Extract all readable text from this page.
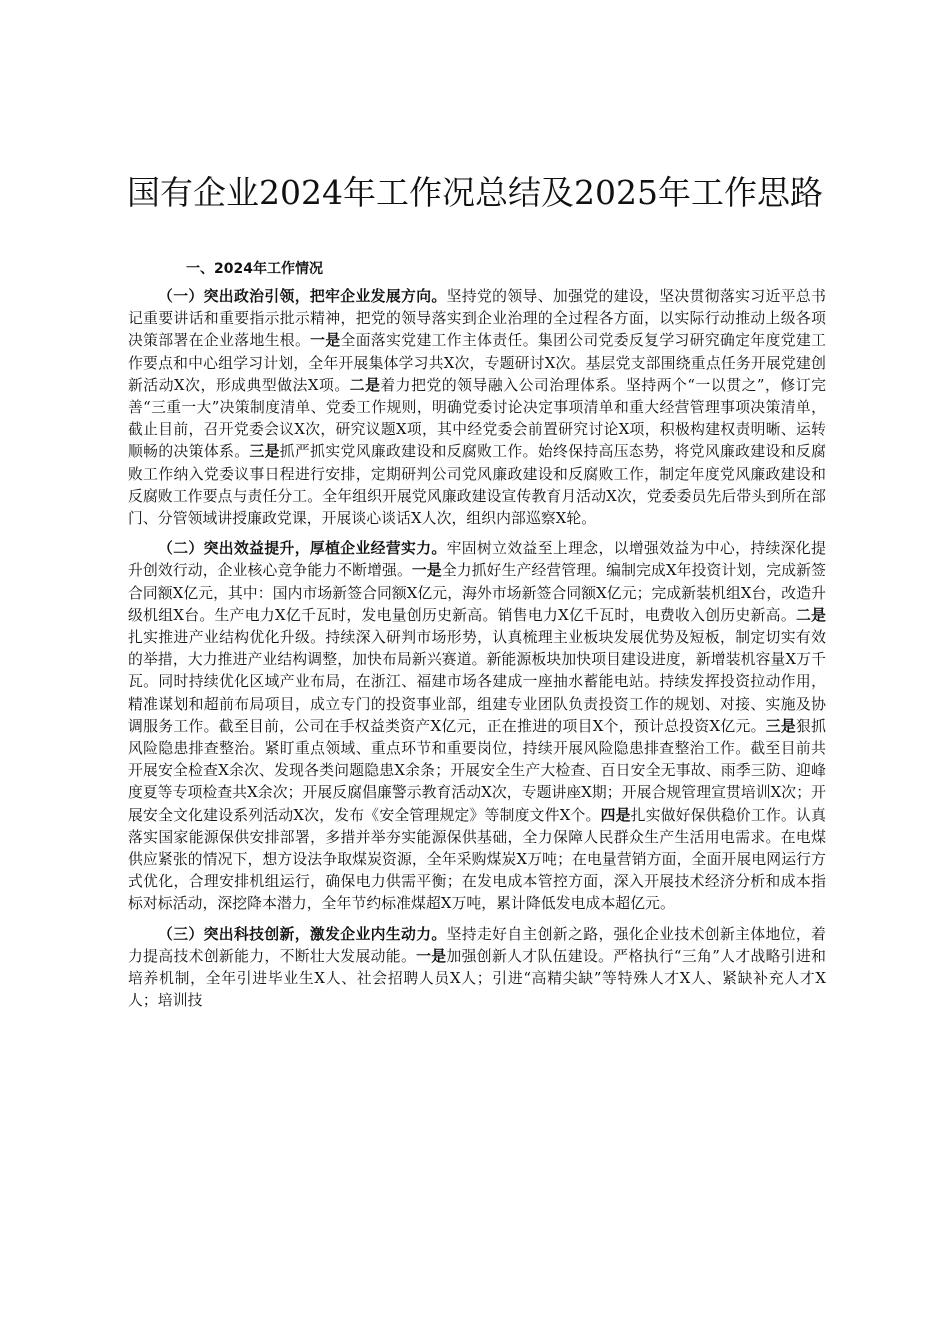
国有企业2024年工作况总结及2025年工作思路
一、2024年工作情况

（一）突出政治引领，把牢企业发展方向。坚持党的领导、加强党的建设，坚决贯彻落实习近平总书记重要讲话和重要指示批示精神，把党的领导落实到企业治理的全过程各方面，以实际行动推动上级各项决策部署在企业落地生根。一是全面落实党建工作主体责任。集团公司党委反复学习研究确定年度党建工作要点和中心组学习计划，全年开展集体学习共X次，专题研讨X次。基层党支部围绕重点任务开展党建创新活动X次，形成典型做法X项。二是着力把党的领导融入公司治理体系。坚持两个“一以贯之”，修订完善“三重一大”决策制度清单、党委工作规则，明确党委讨论决定事项清单和重大经营管理事项决策清单，截止目前，召开党委会议X次，研究议题X项，其中经党委会前置研究讨论X项，积极构建权责明晰、运转顺畅的决策体系。三是抓严抓实党风廉政建设和反腐败工作。始终保持高压态势，将党风廉政建设和反腐败工作纳入党委议事日程进行安排，定期研判公司党风廉政建设和反腐败工作，制定年度党风廉政建设和反腐败工作要点与责任分工。全年组织开展党风廉政建设宣传教育月活动X次，党委委员先后带头到所在部门、分管领域讲授廉政党课，开展谈心谈话X人次，组织内部巡察X轮。

（二）突出效益提升，厚植企业经营实力。牢固树立效益至上理念，以增强效益为中心，持续深化提升创效行动，企业核心竞争能力不断增强。一是全力抓好生产经营管理。编制完成X年投资计划，完成新签合同额X亿元，其中：国内市场新签合同额X亿元，海外市场新签合同额X亿元；完成新装机组X台，改造升级机组X台。生产电力X亿千瓦时，发电量创历史新高。销售电力X亿千瓦时，电费收入创历史新高。二是扎实推进产业结构优化升级。持续深入研判市场形势，认真梳理主业板块发展优势及短板，制定切实有效的举措，大力推进产业结构调整，加快布局新兴赛道。新能源板块加快项目建设进度，新增装机容量X万千瓦。同时持续优化区域产业布局，在浙江、福建市场各建成一座抽水蓄能电站。持续发挥投资拉动作用，精准谋划和超前布局项目，成立专门的投资事业部，组建专业团队负责投资工作的规划、对接、实施及协调服务工作。截至目前，公司在手权益类资产X亿元，正在推进的项目X个，预计总投资X亿元。三是狠抓风险隐患排查整治。紧盯重点领域、重点环节和重要岗位，持续开展风险隐患排查整治工作。截至目前共开展安全检查X余次、发现各类问题隐患X余条；开展安全生产大检查、百日安全无事故、雨季三防、迎峰度夏等专项检查共X余次；开展反腐倡廉警示教育活动X次，专题讲座X期；开展合规管理宣贯培训X次；开展安全文化建设系列活动X次，发布《安全管理规定》等制度文件X个。四是扎实做好保供稳价工作。认真落实国家能源保供安排部署，多措并举夯实能源保供基础，全力保障人民群众生产生活用电需求。在电煤供应紧张的情况下，想方设法争取煤炭资源，全年采购煤炭X万吨；在电量营销方面，全面开展电网运行方式优化，合理安排机组运行，确保电力供需平衡；在发电成本管控方面，深入开展技术经济分析和成本指标对标活动，深挖降本潜力，全年节约标准煤超X万吨，累计降低发电成本超亿元。

（三）突出科技创新，激发企业内生动力。坚持走好自主创新之路，强化企业技术创新主体地位，着力提高技术创新能力，不断壮大发展动能。一是加强创新人才队伍建设。严格执行“三角”人才战略引进和培养机制，全年引进毕业生X人、社会招聘人员X人；引进“高精尖缺”等特殊人才X人、紧缺补充人才X人；培训技
